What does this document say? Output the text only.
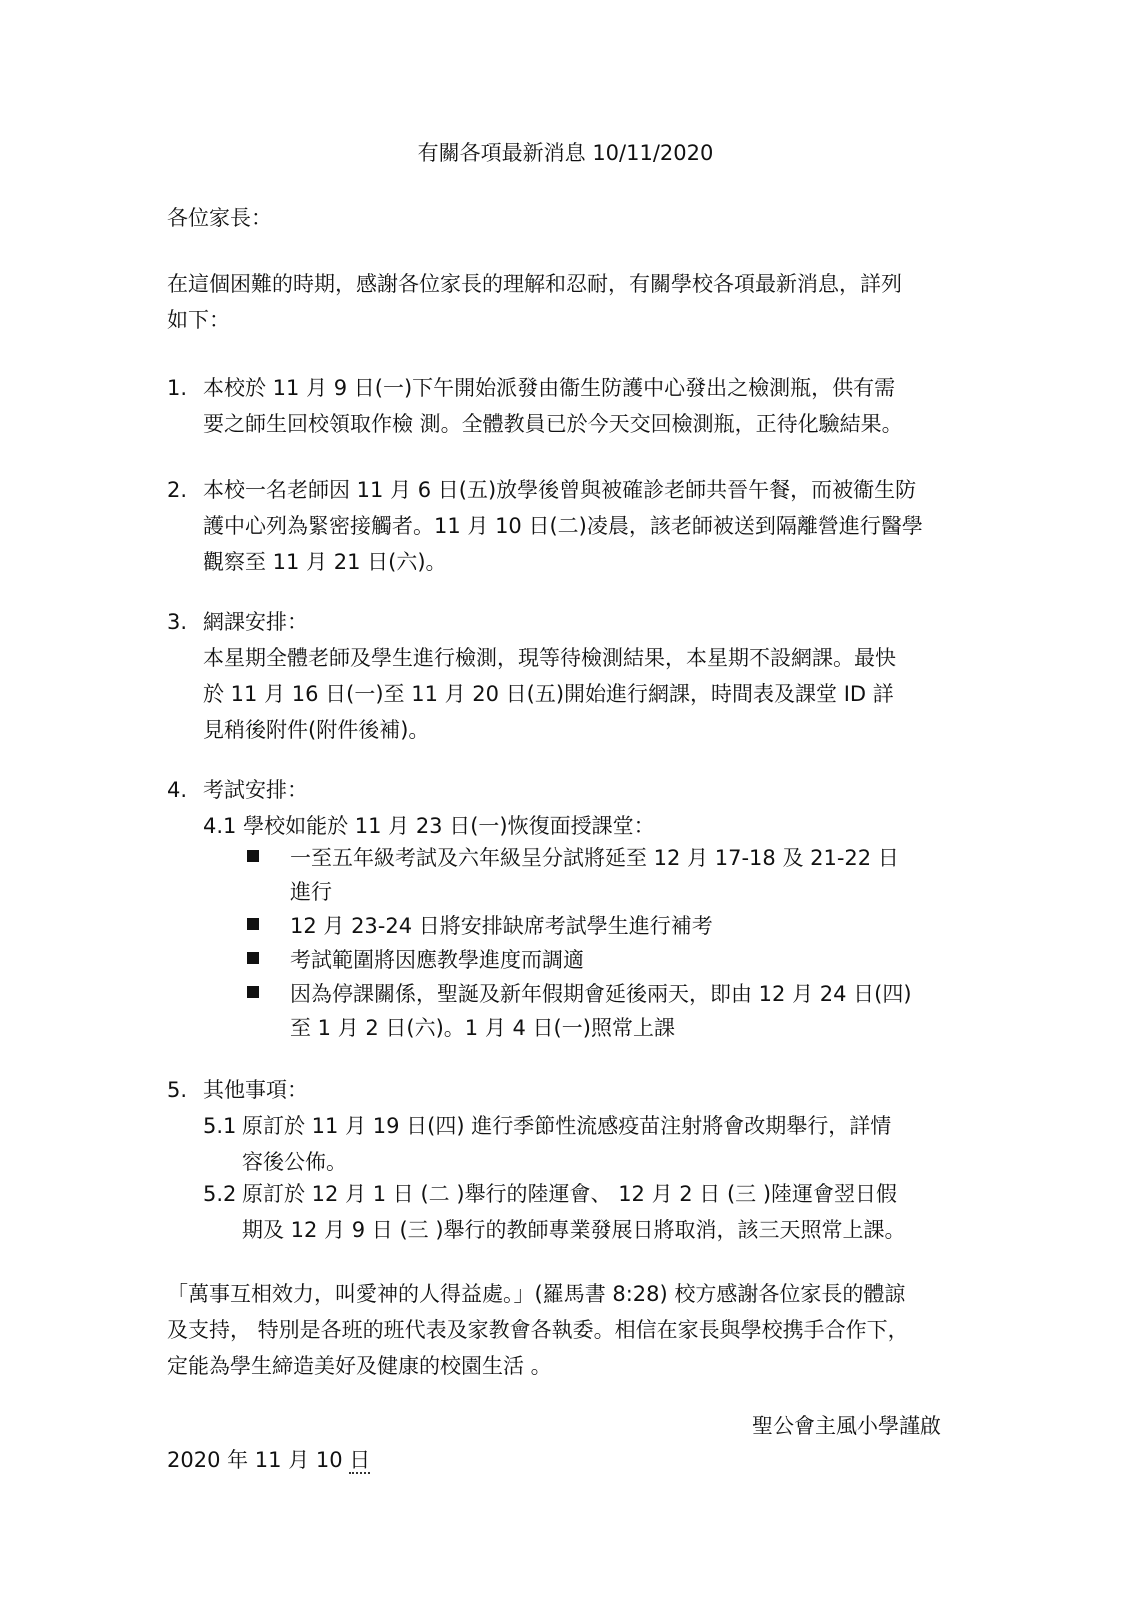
有關各項最新消息 10/11/2020
各位家長：
在這個困難的時期，感謝各位家長的理解和忍耐，有關學校各項最新消息，詳列
如下：
1. 本校於 11 月 9 日(一)下午開始派發由衞生防護中心發出之檢測瓶，供有需
要之師生回校領取作檢 測。全體教員已於今天交回檢測瓶，正待化驗結果。
2. 本校一名老師因 11 月 6 日(五)放學後曾與被確診老師共晉午餐，而被衞生防
護中心列為緊密接觸者。11 月 10 日(二)凌晨，該老師被送到隔離營進行醫學
觀察至 11 月 21 日(六)。
3. 網課安排：
本星期全體老師及學生進行檢測，現等待檢測結果，本星期不設網課。最快
於 11 月 16 日(一)至 11 月 20 日(五)開始進行網課，時間表及課堂 ID 詳
見稍後附件(附件後補)。
4. 考試安排：
4.1 學校如能於 11 月 23 日(一)恢復面授課堂：
一至五年級考試及六年級呈分試將延至 12 月 17-18 及 21-22 日
進行
12 月 23-24 日將安排缺席考試學生進行補考
考試範圍將因應教學進度而調適
因為停課關係，聖誕及新年假期會延後兩天，即由 12 月 24 日(四)
至 1 月 2 日(六)。1 月 4 日(一)照常上課
5. 其他事項：
5.1 原訂於 11 月 19 日(四) 進行季節性流感疫苗注射將會改期舉行，詳情
容後公佈。
5.2 原訂於 12 月 1 日 (二 )舉行的陸運會、 12 月 2 日 (三 )陸運會翌日假
期及 12 月 9 日 (三 )舉行的教師專業發展日將取消，該三天照常上課。
「萬事互相效力，叫愛神的人得益處。」(羅馬書 8:28) 校方感謝各位家長的體諒
及支持， 特別是各班的班代表及家教會各執委。相信在家長與學校携手合作下，
定能為學生締造美好及健康的校園生活 。
聖公會主風小學謹啟
2020 年 11 月 10 日
